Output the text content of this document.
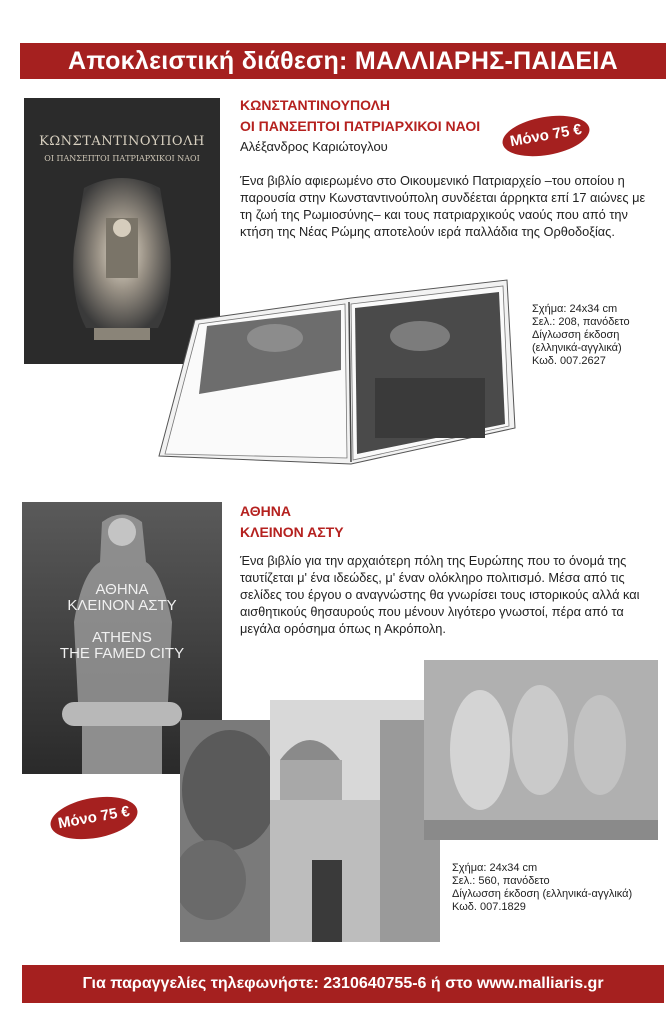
Αποκλειστική διάθεση: ΜΑΛΛΙΑΡΗΣ-ΠΑΙΔΕΙΑ
ΚΩΝΣΤΑΝΤΙΝΟΥΠΟΛΗ
ΟΙ ΠΑΝΣΕΠΤΟΙ ΠΑΤΡΙΑΡΧΙΚΟΙ ΝΑΟΙ
ΚΩΝΣΤΑΝΤΙΝΟΥΠΟΛΗ
ΟΙ ΠΑΝΣΕΠΤΟΙ ΠΑΤΡΙΑΡΧΙΚΟΙ ΝΑΟΙ
Αλέξανδρος Καριώτογλου	Μόνο 75 €
Ένα βιβλίο αφιερωμένο στο Οικουμενικό Πατριαρχείο –του οποίου η παρουσία στην Κωνσταντινούπολη συνδέεται άρρηκτα επί 17 αιώνες με τη ζωή της Ρωμιοσύνης– και τους πατριαρχικούς ναούς που από την κτήση της Νέας Ρώμης αποτελούν ιερά παλλάδια της Ορθοδοξίας.
Σχήμα: 24x34 cm
Σελ.: 208, πανόδετο
Δίγλωσση έκδοση
(ελληνικά-αγγλικά)
Κωδ. 007.2627
ΑΘΗΝΑ
ΚΛΕΙΝΟΝ ΑΣΤΥ
ATHENS
THE FAMED CITY
ΑΘΗΝΑ
ΚΛΕΙΝΟΝ ΑΣΤΥ
Ένα βιβλίο για την αρχαιότερη πόλη της Ευρώπης που το όνομά της ταυτίζεται μ' ένα ιδεώδες, μ' έναν ολόκληρο πολιτισμό. Μέσα από τις σελίδες του έργου ο αναγνώστης θα γνωρίσει τους ιστορικούς αλλά και αισθητικούς θησαυρούς που μένουν λιγότερο γνωστοί, πέρα από τα μεγάλα ορόσημα όπως η Ακρόπολη.
Μόνο 75 €
Σχήμα: 24x34 cm
Σελ.: 560, πανόδετο
Δίγλωσση έκδοση (ελληνικά-αγγλικά)
Κωδ. 007.1829
Για παραγγελίες τηλεφωνήστε: 2310640755-6 ή στο www.malliaris.gr
